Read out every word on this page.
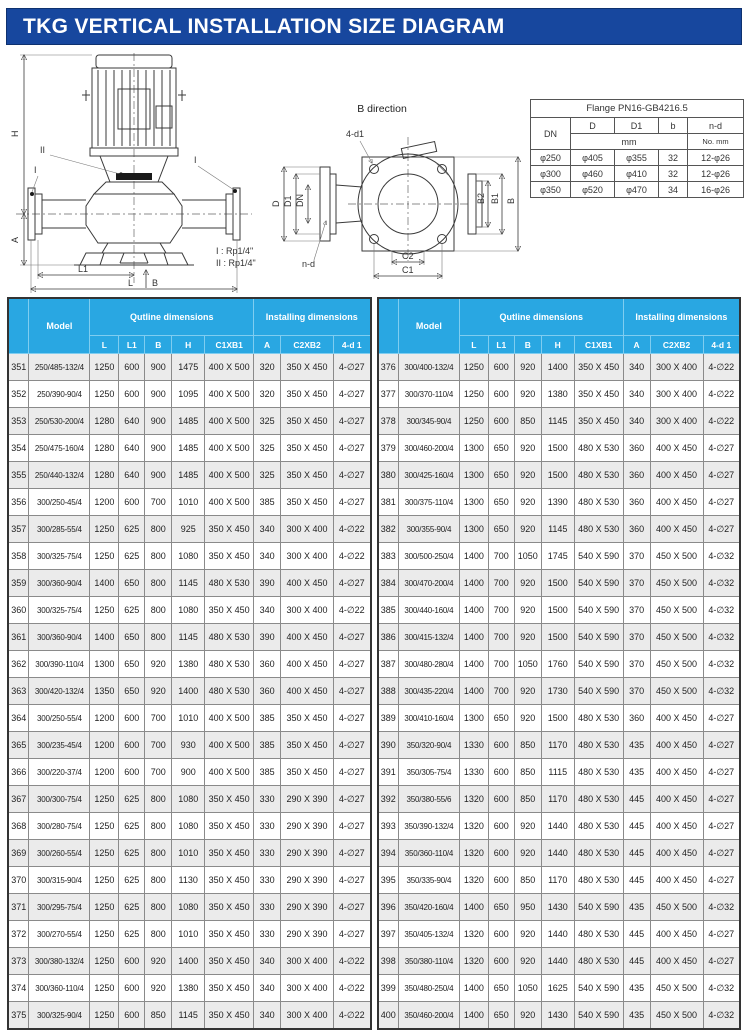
TKG VERTICAL INSTALLATION SIZE DIAGRAM
H
A
L1
L B
II
I
I
B direction
D D1 DN
n-d
4-d1
B2 B1 B
C2
C1
I : Rp1/4"
II : Rp1/4"
Flange PN16-GB4216.5				
DN	D	D1	b	n-d
	mm			No. mm
φ250	φ405	φ355	32	12-φ26
φ300	φ460	φ410	32	12-φ26
φ350	φ520	φ470	34	16-φ26
	Model	Qutline dimensions					Installing dimensions		
		L	L1	B	H	C1XB1	A	C2XB2	4-d 1
351	250/485-132/4	1250	600	900	1475	400 X 500	320	350 X 450	4-∅27
352	250/390-90/4	1250	600	900	1095	400 X 500	320	350 X 450	4-∅27
353	250/530-200/4	1280	640	900	1485	400 X 500	325	350 X 450	4-∅27
354	250/475-160/4	1280	640	900	1485	400 X 500	325	350 X 450	4-∅27
355	250/440-132/4	1280	640	900	1485	400 X 500	325	350 X 450	4-∅27
356	300/250-45/4	1200	600	700	1010	400 X 500	385	350 X 450	4-∅27
357	300/285-55/4	1250	625	800	925	350 X 450	340	300 X 400	4-∅22
358	300/325-75/4	1250	625	800	1080	350 X 450	340	300 X 400	4-∅22
359	300/360-90/4	1400	650	800	1145	480 X 530	390	400 X 450	4-∅27
360	300/325-75/4	1250	625	800	1080	350 X 450	340	300 X 400	4-∅22
361	300/360-90/4	1400	650	800	1145	480 X 530	390	400 X 450	4-∅27
362	300/390-110/4	1300	650	920	1380	480 X 530	360	400 X 450	4-∅27
363	300/420-132/4	1350	650	920	1400	480 X 530	360	400 X 450	4-∅27
364	300/250-55/4	1200	600	700	1010	400 X 500	385	350 X 450	4-∅27
365	300/235-45/4	1200	600	700	930	400 X 500	385	350 X 450	4-∅27
366	300/220-37/4	1200	600	700	900	400 X 500	385	350 X 450	4-∅27
367	300/300-75/4	1250	625	800	1080	350 X 450	330	290 X 390	4-∅27
368	300/280-75/4	1250	625	800	1080	350 X 450	330	290 X 390	4-∅27
369	300/260-55/4	1250	625	800	1010	350 X 450	330	290 X 390	4-∅27
370	300/315-90/4	1250	625	800	1130	350 X 450	330	290 X 390	4-∅27
371	300/295-75/4	1250	625	800	1080	350 X 450	330	290 X 390	4-∅27
372	300/270-55/4	1250	625	800	1010	350 X 450	330	290 X 390	4-∅27
373	300/380-132/4	1250	600	920	1400	350 X 450	340	300 X 400	4-∅22
374	300/360-110/4	1250	600	920	1380	350 X 450	340	300 X 400	4-∅22
375	300/325-90/4	1250	600	850	1145	350 X 450	340	300 X 400	4-∅22
	Model	Qutline dimensions					Installing dimensions		
		L	L1	B	H	C1XB1	A	C2XB2	4-d 1
376	300/400-132/4	1250	600	920	1400	350 X 450	340	300 X 400	4-∅22
377	300/370-110/4	1250	600	920	1380	350 X 450	340	300 X 400	4-∅22
378	300/345-90/4	1250	600	850	1145	350 X 450	340	300 X 400	4-∅22
379	300/460-200/4	1300	650	920	1500	480 X 530	360	400 X 450	4-∅27
380	300/425-160/4	1300	650	920	1500	480 X 530	360	400 X 450	4-∅27
381	300/375-110/4	1300	650	920	1390	480 X 530	360	400 X 450	4-∅27
382	300/355-90/4	1300	650	920	1145	480 X 530	360	400 X 450	4-∅27
383	300/500-250/4	1400	700	1050	1745	540 X 590	370	450 X 500	4-∅32
384	300/470-200/4	1400	700	920	1500	540 X 590	370	450 X 500	4-∅32
385	300/440-160/4	1400	700	920	1500	540 X 590	370	450 X 500	4-∅32
386	300/415-132/4	1400	700	920	1500	540 X 590	370	450 X 500	4-∅32
387	300/480-280/4	1400	700	1050	1760	540 X 590	370	450 X 500	4-∅32
388	300/435-220/4	1400	700	920	1730	540 X 590	370	450 X 500	4-∅32
389	300/410-160/4	1300	650	920	1500	480 X 530	360	400 X 450	4-∅27
390	350/320-90/4	1330	600	850	1170	480 X 530	435	400 X 450	4-∅27
391	350/305-75/4	1330	600	850	1115	480 X 530	435	400 X 450	4-∅27
392	350/380-55/6	1320	600	850	1170	480 X 530	445	400 X 450	4-∅27
393	350/390-132/4	1320	600	920	1440	480 X 530	445	400 X 450	4-∅27
394	350/360-110/4	1320	600	920	1440	480 X 530	445	400 X 450	4-∅27
395	350/335-90/4	1320	600	850	1170	480 X 530	445	400 X 450	4-∅27
396	350/420-160/4	1400	650	950	1430	540 X 590	435	450 X 500	4-∅32
397	350/405-132/4	1320	600	920	1440	480 X 530	445	400 X 450	4-∅27
398	350/380-110/4	1320	600	920	1440	480 X 530	445	400 X 450	4-∅27
399	350/480-250/4	1400	650	1050	1625	540 X 590	435	450 X 500	4-∅32
400	350/460-200/4	1400	650	920	1430	540 X 590	435	450 X 500	4-∅32
